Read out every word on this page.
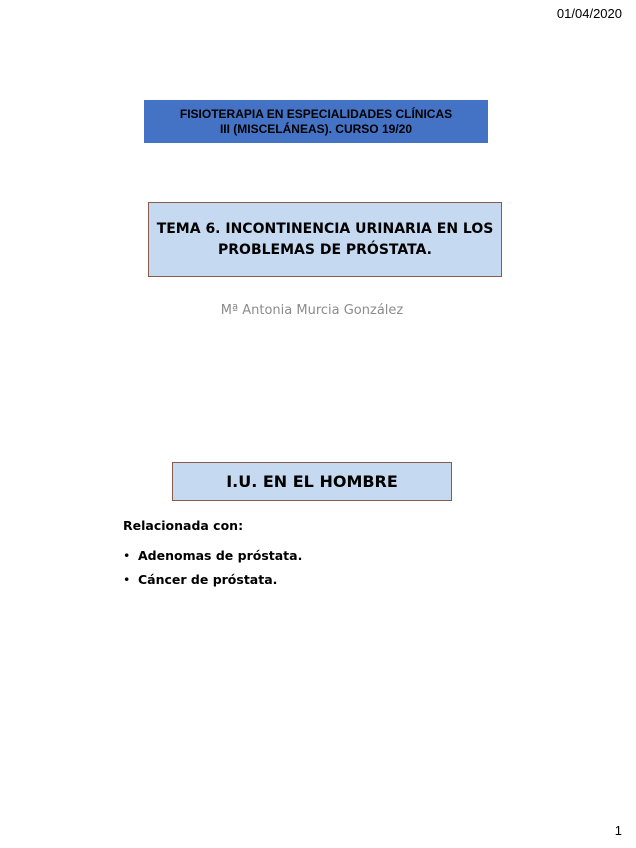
01/04/2020
FISIOTERAPIA EN ESPECIALIDADES CLÍNICAS
III (MISCELÁNEAS). CURSO 19/20
TEMA 6. INCONTINENCIA URINARIA EN LOS
PROBLEMAS DE PRÓSTATA.
Mª Antonia Murcia González
I.U. EN EL HOMBRE
Relacionada con:
• Adenomas de próstata.
• Cáncer de próstata.
1
